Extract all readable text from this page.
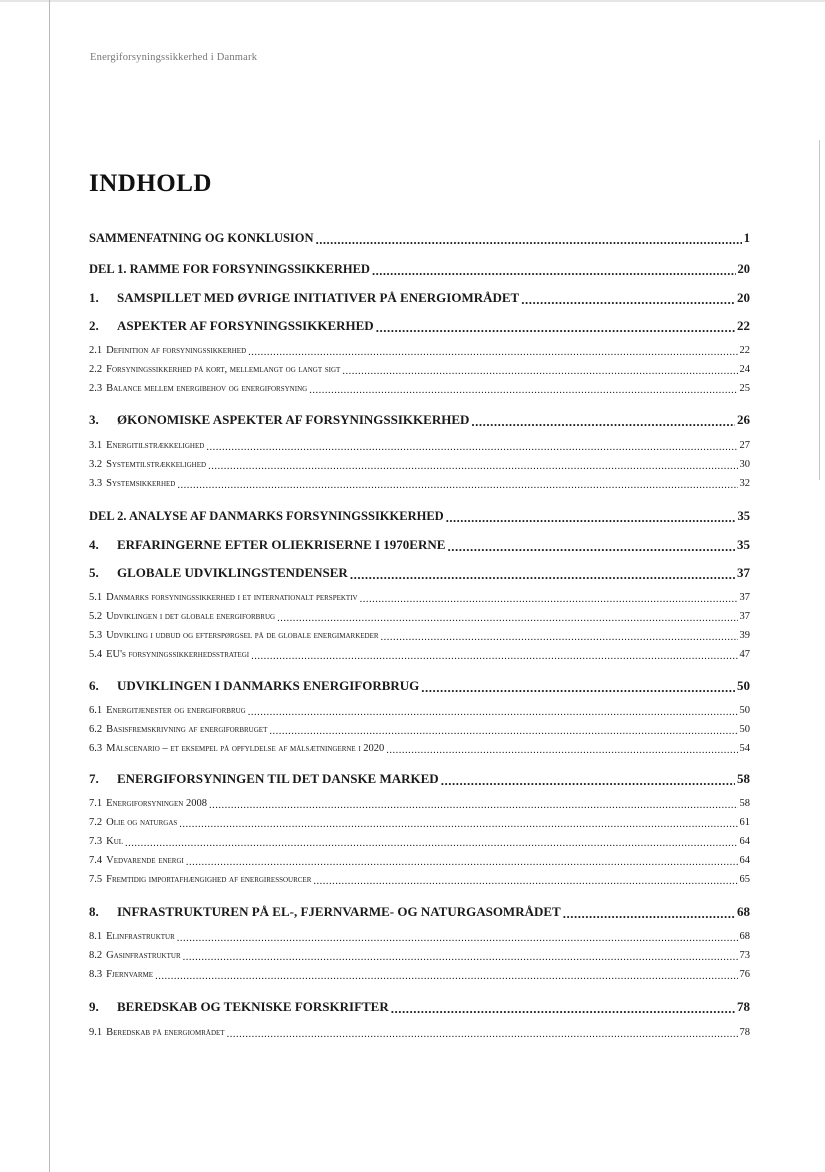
Energiforsyningssikkerhed i Danmark
INDHOLD
SAMMENFATNING OG KONKLUSION .....	1
DEL 1. RAMME FOR FORSYNINGSSIKKERHED .....	20
1.	SAMSPILLET MED ØVRIGE INITIATIVER PÅ ENERGIOMRÅDET .....	20
2.	ASPEKTER AF FORSYNINGSSIKKERHED .....	22
2.1 Definition af forsyningssikkerhed .....	22
2.2 Forsyningssikkerhed på kort, mellemlangt og langt sigt .....	24
2.3 Balance mellem energibehov og energiforsyning .....	25
3.	ØKONOMISKE ASPEKTER AF FORSYNINGSSIKKERHED .....	26
3.1 Energitilstrækkelighed .....	27
3.2 Systemtilstrækkelighed .....	30
3.3 Systemsikkerhed .....	32
DEL 2. ANALYSE AF DANMARKS FORSYNINGSSIKKERHED .....	35
4.	ERFARINGERNE EFTER OLIEKRISERNE I 1970ERNE .....	35
5.	GLOBALE UDVIKLINGSTENDENSER .....	37
5.1 Danmarks forsyningssikkerhed i et internationalt perspektiv .....	37
5.2 Udviklingen i det globale energiforbrug .....	37
5.3 Udvikling i udbud og efterspørgsel på de globale energimarkeder .....	39
5.4 EU's forsyningssikkerhedsstrategi .....	47
6.	UDVIKLINGEN I DANMARKS ENERGIFORBRUG .....	50
6.1 Energitjenester og energiforbrug .....	50
6.2 Basisfremskrivning af energiforbruget .....	50
6.3 Målscenario – et eksempel på opfyldelse af målsætningerne i 2020 .....	54
7.	ENERGIFORSYNINGEN TIL DET DANSKE MARKED .....	58
7.1 Energiforsyningen 2008 .....	58
7.2 Olie og naturgas .....	61
7.3 Kul .....	64
7.4 Vedvarende energi .....	64
7.5 Fremtidig importafhængighed af energiressourcer .....	65
8.	INFRASTRUKTUREN PÅ EL-, FJERNVARME- OG NATURGASOMRÅDET .....	68
8.1 Elinfrastruktur .....	68
8.2 Gasinfrastruktur .....	73
8.3 Fjernvarme .....	76
9.	BEREDSKAB OG TEKNISKE FORSKRIFTER .....	78
9.1 Beredskab på energiområdet .....	78
